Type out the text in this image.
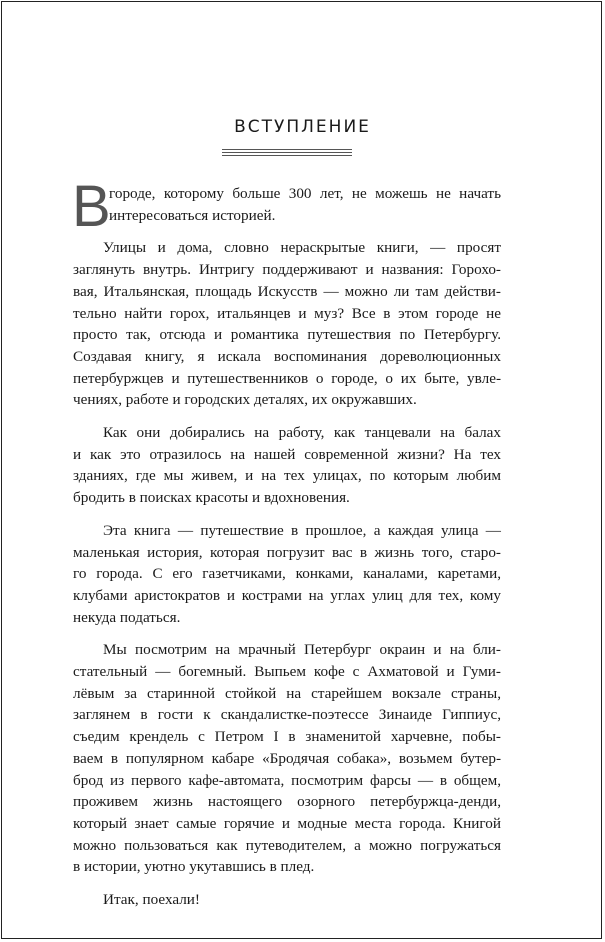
ВСТУПЛЕНИЕ
В
городе, которому больше 300 лет, не можешь не начать
интересоваться историей.
Улицы и дома, словно нераскрытые книги, — просят
заглянуть внутрь. Интригу поддерживают и названия: Горохо-
вая, Итальянская, площадь Искусств — можно ли там действи-
тельно найти горох, итальянцев и муз? Все в этом городе не
просто так, отсюда и романтика путешествия по Петербургу.
Создавая книгу, я искала воспоминания дореволюционных
петербуржцев и путешественников о городе, о их быте, увле-
чениях, работе и городских деталях, их окружавших.
Как они добирались на работу, как танцевали на балах
и как это отразилось на нашей современной жизни? На тех
зданиях, где мы живем, и на тех улицах, по которым любим
бродить в поисках красоты и вдохновения.
Эта книга — путешествие в прошлое, а каждая улица —
маленькая история, которая погрузит вас в жизнь того, старо-
го города. С его газетчиками, конками, каналами, каретами,
клубами аристократов и кострами на углах улиц для тех, кому
некуда податься.
Мы посмотрим на мрачный Петербург окраин и на бли-
стательный — богемный. Выпьем кофе с Ахматовой и Гуми-
лёвым за старинной стойкой на старейшем вокзале страны,
заглянем в гости к скандалистке-поэтессе Зинаиде Гиппиус,
съедим крендель с Петром I в знаменитой харчевне, побы-
ваем в популярном кабаре «Бродячая собака», возьмем бутер-
брод из первого кафе-автомата, посмотрим фарсы — в общем,
проживем жизнь настоящего озорного петербуржца-денди,
который знает самые горячие и модные места города. Книгой
можно пользоваться как путеводителем, а можно погружаться
в истории, уютно укутавшись в плед.
Итак, поехали!
